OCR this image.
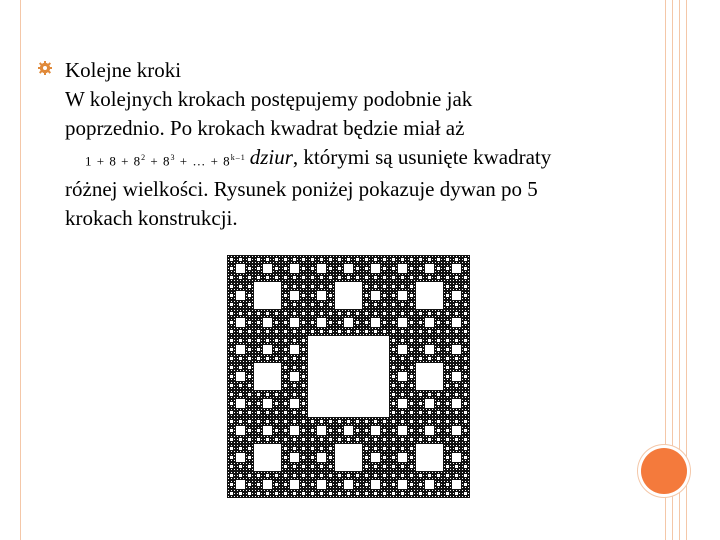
Kolejne kroki
W kolejnych krokach postępujemy podobnie jak
poprzednio. Po krokach kwadrat będzie miał aż
$1 + 8 + 8^2 + 8^3$ + … + $8^{k-1}$ dziur, którymi są usunięte kwadraty
różnej wielkości. Rysunek poniżej pokazuje dywan po 5
krokach konstrukcji.
